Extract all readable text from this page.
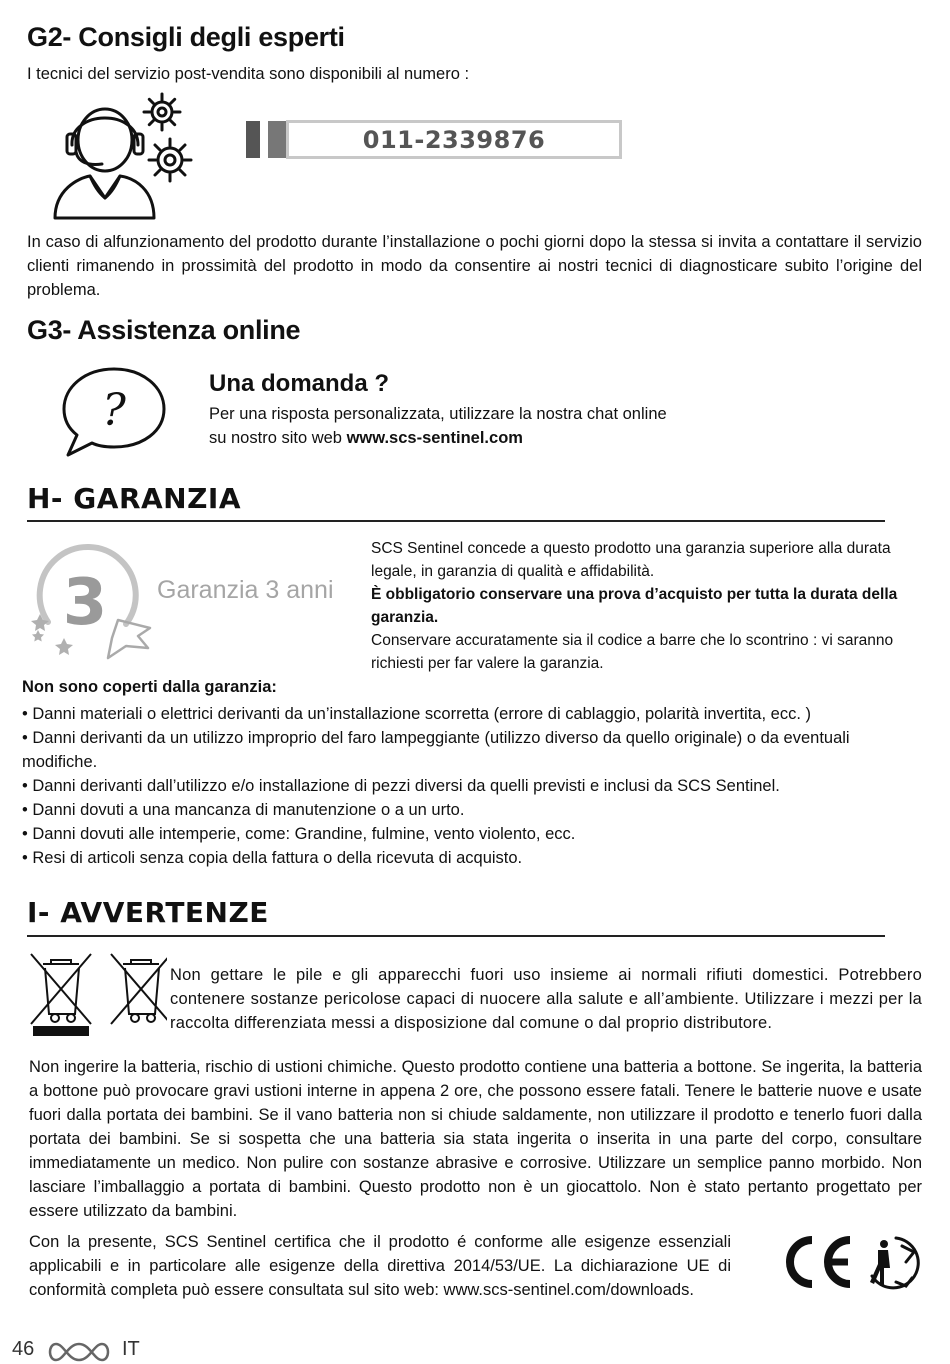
G2- Consigli degli esperti
I tecnici del servizio post-vendita sono disponibili al numero :
011-2339876
In caso di alfunzionamento del prodotto durante l’installazione o pochi giorni dopo la stessa si invita a contattare il servizio clienti rimanendo in prossimità del prodotto in modo da consentire ai nostri tecnici di diagnosticare subito l’origine del problema.
G3- Assistenza online
?
Una domanda ?
Per una risposta personalizzata, utilizzare la nostra chat online
su nostro sito web www.scs-sentinel.com
H- GARANZIA
3 Garanzia 3 anni
SCS Sentinel concede a questo prodotto una garanzia superiore alla durata legale, in garanzia di qualità e affidabilità.
È obbligatorio conservare una prova d’acquisto per tutta la durata della garanzia.
Conservare accuratamente sia il codice a barre che lo scontrino : vi saranno richiesti per far valere la garanzia.
Non sono coperti dalla garanzia:
• Danni materiali o elettrici derivanti da un’installazione scorretta (errore di cablaggio, polarità invertita, ecc. )
• Danni derivanti da un utilizzo improprio del faro lampeggiante (utilizzo diverso da quello originale) o da eventuali modifiche.
• Danni derivanti dall’utilizzo e/o installazione di pezzi diversi da quelli previsti e inclusi da SCS Sentinel.
• Danni dovuti a una mancanza di manutenzione o a un urto.
• Danni dovuti alle intemperie, come: Grandine, fulmine, vento violento, ecc.
• Resi di articoli senza copia della fattura o della ricevuta di acquisto.
I- AVVERTENZE
Non gettare le pile e gli apparecchi fuori uso insieme ai normali rifiuti domestici. Potrebbero contenere sostanze pericolose capaci di nuocere alla salute e all’ambiente. Utilizzare i mezzi per la raccolta differenziata messi a disposizione dal comune o dal proprio distributore.
Non ingerire la batteria, rischio di ustioni chimiche. Questo prodotto contiene una batteria a bottone. Se ingerita, la batteria a bottone può provocare gravi ustioni interne in appena 2 ore, che possono essere fatali. Tenere le batterie nuove e usate fuori dalla portata dei bambini. Se il vano batteria non si chiude saldamente, non utilizzare il prodotto e tenerlo fuori dalla portata dei bambini. Se si sospetta che una batteria sia stata ingerita o inserita in una parte del corpo, consultare immediatamente un medico. Non pulire con sostanze abrasive e corrosive. Utilizzare un semplice panno morbido. Non lasciare l’imballaggio a portata di bambini. Questo prodotto non è un giocattolo. Non è stato pertanto progettato per essere utilizzato da bambini.
Con la presente, SCS Sentinel certifica che il prodotto é conforme alle esigenze essenziali applicabili e in particolare alle esigenze della direttiva 2014/53/UE. La dichiarazione UE di conformità completa può essere consultata sul sito web: www.scs-sentinel.com/downloads.
46	IT
